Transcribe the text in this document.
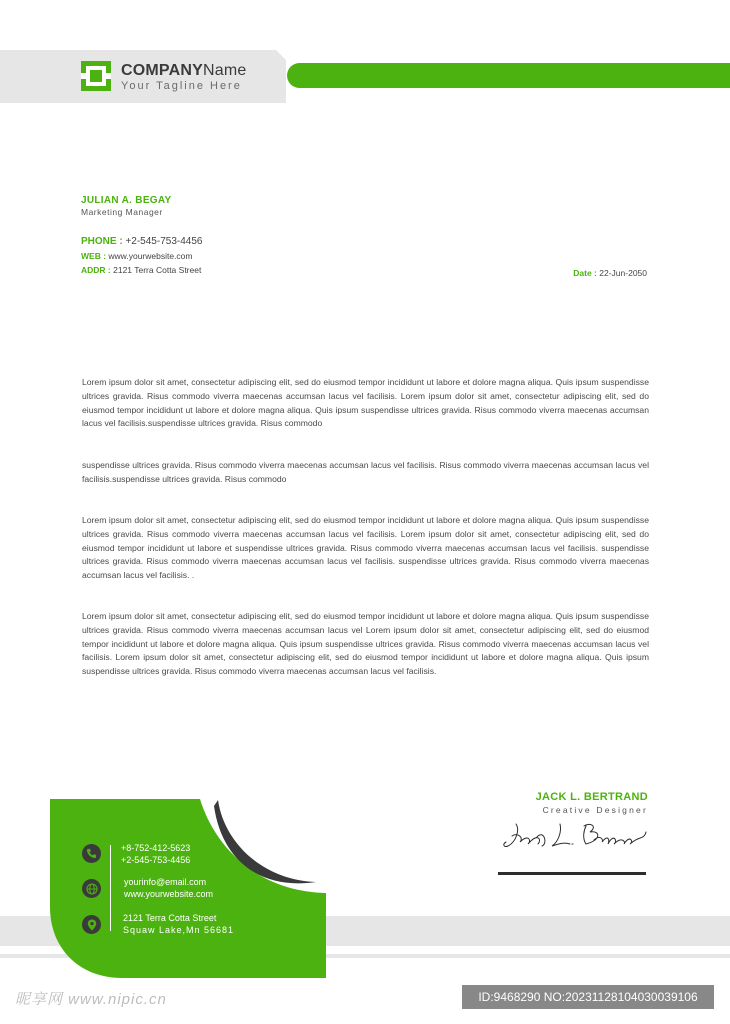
COMPANYName
Your Tagline Here
JULIAN A. BEGAY
Marketing Manager
PHONE : +2-545-753-4456
WEB : www.yourwebsite.com
ADDR : 2121 Terra Cotta Street	Date : 22-Jun-2050

Lorem ipsum dolor sit amet, consectetur adipiscing elit, sed do eiusmod tempor incididunt ut labore et dolore magna aliqua. Quis ipsum suspendisse ultrices gravida. Risus commodo viverra maecenas accumsan lacus vel facilisis. Lorem ipsum dolor sit amet, consectetur adipiscing elit, sed do eiusmod tempor incididunt ut labore et dolore magna aliqua. Quis ipsum suspendisse ultrices gravida. Risus commodo viverra maecenas accumsan lacus vel facilisis.suspendisse ultrices gravida. Risus commodo

suspendisse ultrices gravida. Risus commodo viverra maecenas accumsan lacus vel facilisis. Risus commodo viverra maecenas accumsan lacus vel facilisis.suspendisse ultrices gravida. Risus commodo

Lorem ipsum dolor sit amet, consectetur adipiscing elit, sed do eiusmod tempor incididunt ut labore et dolore magna aliqua. Quis ipsum suspendisse ultrices gravida. Risus commodo viverra maecenas accumsan lacus vel facilisis. Lorem ipsum dolor sit amet, consectetur adipiscing elit, sed do eiusmod tempor incididunt ut labore et suspendisse ultrices gravida. Risus commodo viverra maecenas accumsan lacus vel facilisis. suspendisse ultrices gravida. Risus commodo viverra maecenas accumsan lacus vel facilisis. suspendisse ultrices gravida. Risus commodo viverra maecenas accumsan lacus vel facilisis. .

Lorem ipsum dolor sit amet, consectetur adipiscing elit, sed do eiusmod tempor incididunt ut labore et dolore magna aliqua. Quis ipsum suspendisse ultrices gravida. Risus commodo viverra maecenas accumsan lacus vel Lorem ipsum dolor sit amet, consectetur adipiscing elit, sed do eiusmod tempor incididunt ut labore et dolore magna aliqua. Quis ipsum suspendisse ultrices gravida. Risus commodo viverra maecenas accumsan lacus vel facilisis. Lorem ipsum dolor sit amet, consectetur adipiscing elit, sed do eiusmod tempor incididunt ut labore et dolore magna aliqua. Quis ipsum suspendisse ultrices gravida. Risus commodo viverra maecenas accumsan lacus vel facilisis.

JACK L. BERTRAND
Creative Designer
+8-752-412-5623
+2-545-753-4456
yourinfo@email.com
www.yourwebsite.com
2121 Terra Cotta Street
Squaw Lake,Mn 56681
昵享网 www.nipic.cn	ID:9468290 NO:20231128104030039106
